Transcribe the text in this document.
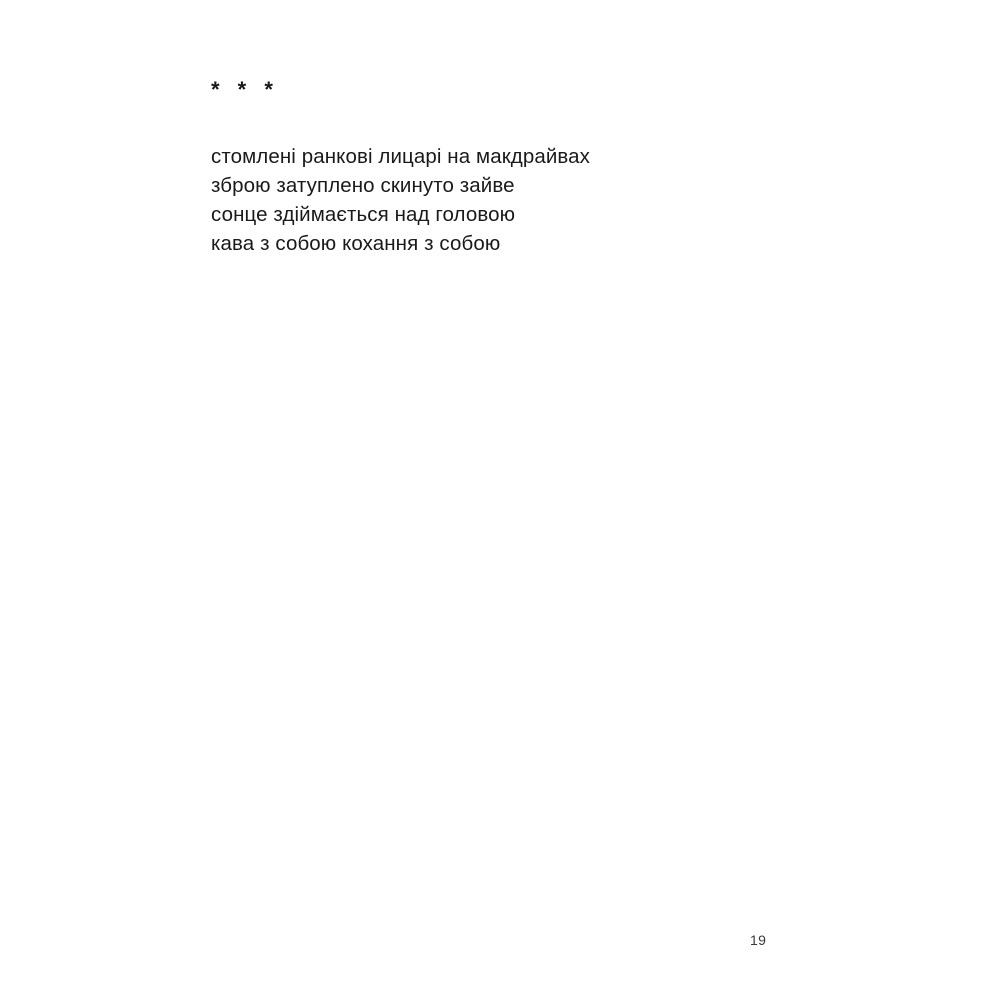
* * *
стомлені ранкові лицарі на макдрайвах
зброю затуплено скинуто зайве
сонце здіймається над головою
кава з собою кохання з собою
19
